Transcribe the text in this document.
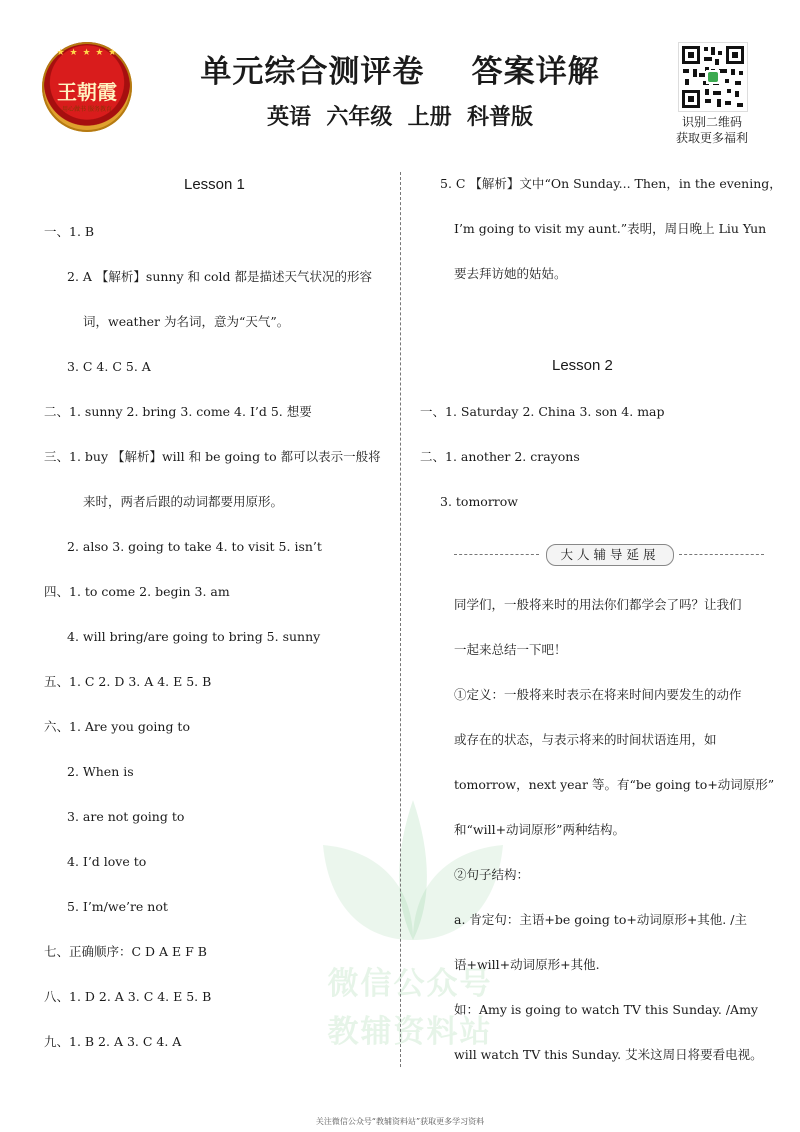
★ ★ ★ ★ ★
王朝霞
用心做书 服务教育
单元综合测评卷    答案详解
英语  六年级  上册  科普版	识别二维码
获取更多福利
微信公众号
教辅资料站
Lesson 1
一、1. B
2. A 【解析】sunny 和 cold 都是描述天气状况的形容
词，weather 为名词，意为“天气”。
3. C 4. C 5. A
二、1. sunny 2. bring 3. come 4. I’d 5. 想要
三、1. buy 【解析】will 和 be going to 都可以表示一般将
来时，两者后跟的动词都要用原形。
2. also 3. going to take 4. to visit 5. isn’t
四、1. to come 2. begin 3. am
4. will bring/are going to bring 5. sunny
五、1. C 2. D 3. A 4. E 5. B
六、1. Are you going to
2. When is
3. are not going to
4. I’d love to
5. I’m/we’re not
七、正确顺序：C D A E F B
八、1. D 2. A 3. C 4. E 5. B
九、1. B 2. A 3. C 4. A
5. C 【解析】文中“On Sunday... Then，in the evening，
I’m going to visit my aunt.”表明，周日晚上 Liu Yun
要去拜访她的姑姑。
Lesson 2
一、1. Saturday 2. China 3. son 4. map
二、1. another 2. crayons
3. tomorrow
大人辅导延展
同学们，一般将来时的用法你们都学会了吗？让我们
一起来总结一下吧！
①定义：一般将来时表示在将来时间内要发生的动作
或存在的状态，与表示将来的时间状语连用，如
tomorrow，next year 等。有“be going to+动词原形”
和“will+动词原形”两种结构。
②句子结构：
a. 肯定句：主语+be going to+动词原形+其他. /主
语+will+动词原形+其他.
如：Amy is going to watch TV this Sunday. /Amy
will watch TV this Sunday. 艾米这周日将要看电视。
关注微信公众号“教辅资料站”获取更多学习资料
